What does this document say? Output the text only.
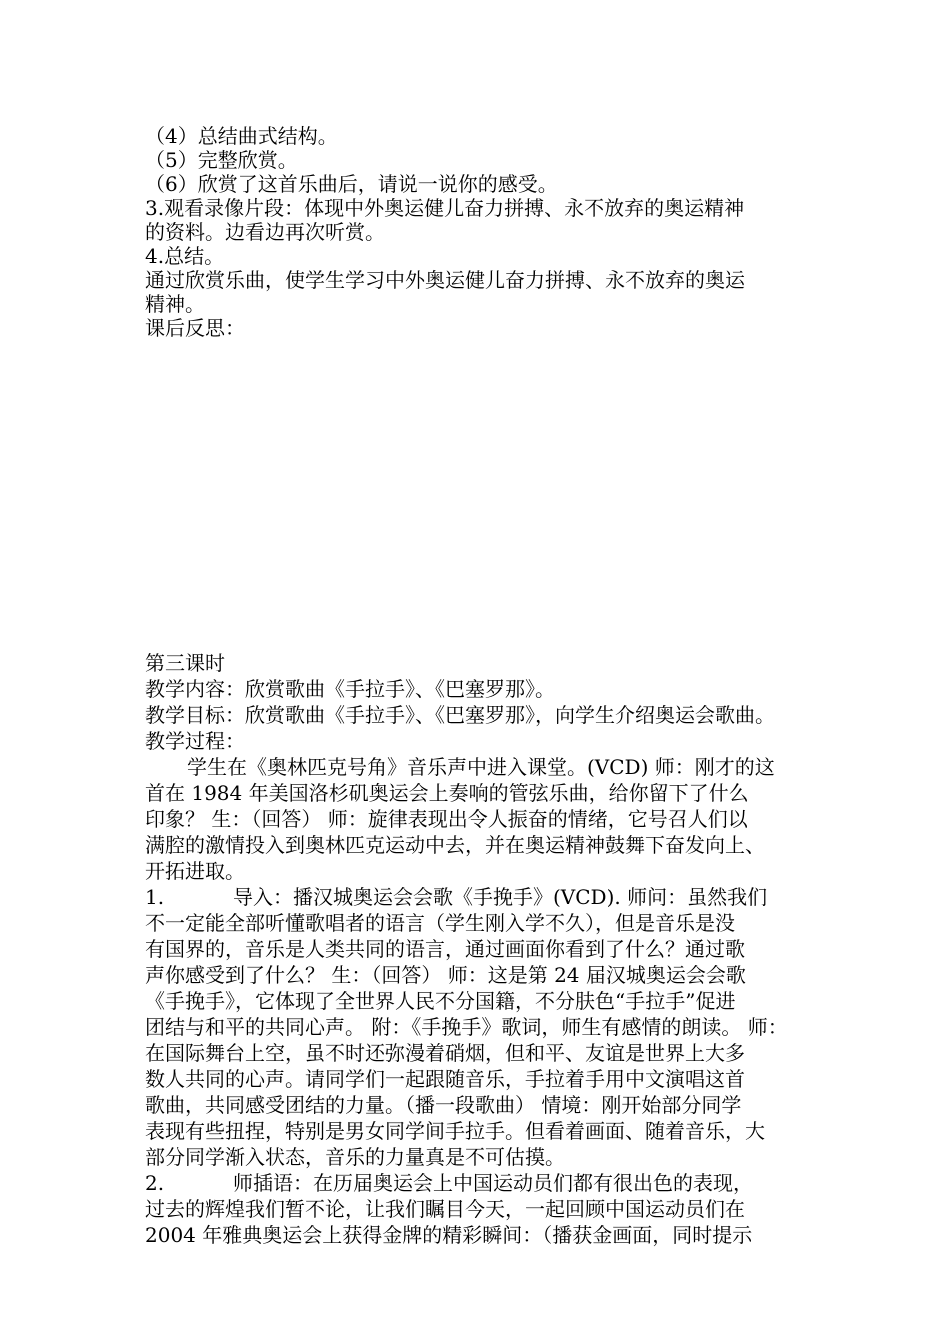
（4）总结曲式结构。
（5）完整欣赏。
（6）欣赏了这首乐曲后，请说一说你的感受。
3.观看录像片段：体现中外奥运健儿奋力拼搏、永不放弃的奥运精神
的资料。边看边再次听赏。
4.总结。
通过欣赏乐曲，使学生学习中外奥运健儿奋力拼搏、永不放弃的奥运
精神。
课后反思：
第三课时
教学内容：欣赏歌曲《手拉手》、《巴塞罗那》。
教学目标：欣赏歌曲《手拉手》、《巴塞罗那》，向学生介绍奥运会歌曲。
教学过程：
学生在《奥林匹克号角》音乐声中进入课堂。(VCD) 师：刚才的这
首在 1984 年美国洛杉矶奥运会上奏响的管弦乐曲，给你留下了什么
印象？ 生：（回答） 师：旋律表现出令人振奋的情绪，它号召人们以
满腔的激情投入到奥林匹克运动中去，并在奥运精神鼓舞下奋发向上、
开拓进取。
1.	导入：播汉城奥运会会歌《手挽手》(VCD). 师问：虽然我们
不一定能全部听懂歌唱者的语言（学生刚入学不久），但是音乐是没
有国界的，音乐是人类共同的语言，通过画面你看到了什么？通过歌
声你感受到了什么？ 生：（回答） 师：这是第 24 届汉城奥运会会歌
《手挽手》，它体现了全世界人民不分国籍，不分肤色“手拉手”促进
团结与和平的共同心声。 附：《手挽手》歌词，师生有感情的朗读。 师：
在国际舞台上空，虽不时还弥漫着硝烟，但和平、友谊是世界上大多
数人共同的心声。请同学们一起跟随音乐，手拉着手用中文演唱这首
歌曲，共同感受团结的力量。（播一段歌曲） 情境：刚开始部分同学
表现有些扭捏，特别是男女同学间手拉手。但看着画面、随着音乐，大
部分同学渐入状态，音乐的力量真是不可估摸。
2.	师插语：在历届奥运会上中国运动员们都有很出色的表现，
过去的辉煌我们暂不论，让我们瞩目今天，一起回顾中国运动员们在
2004 年雅典奥运会上获得金牌的精彩瞬间：（播获金画面，同时提示
